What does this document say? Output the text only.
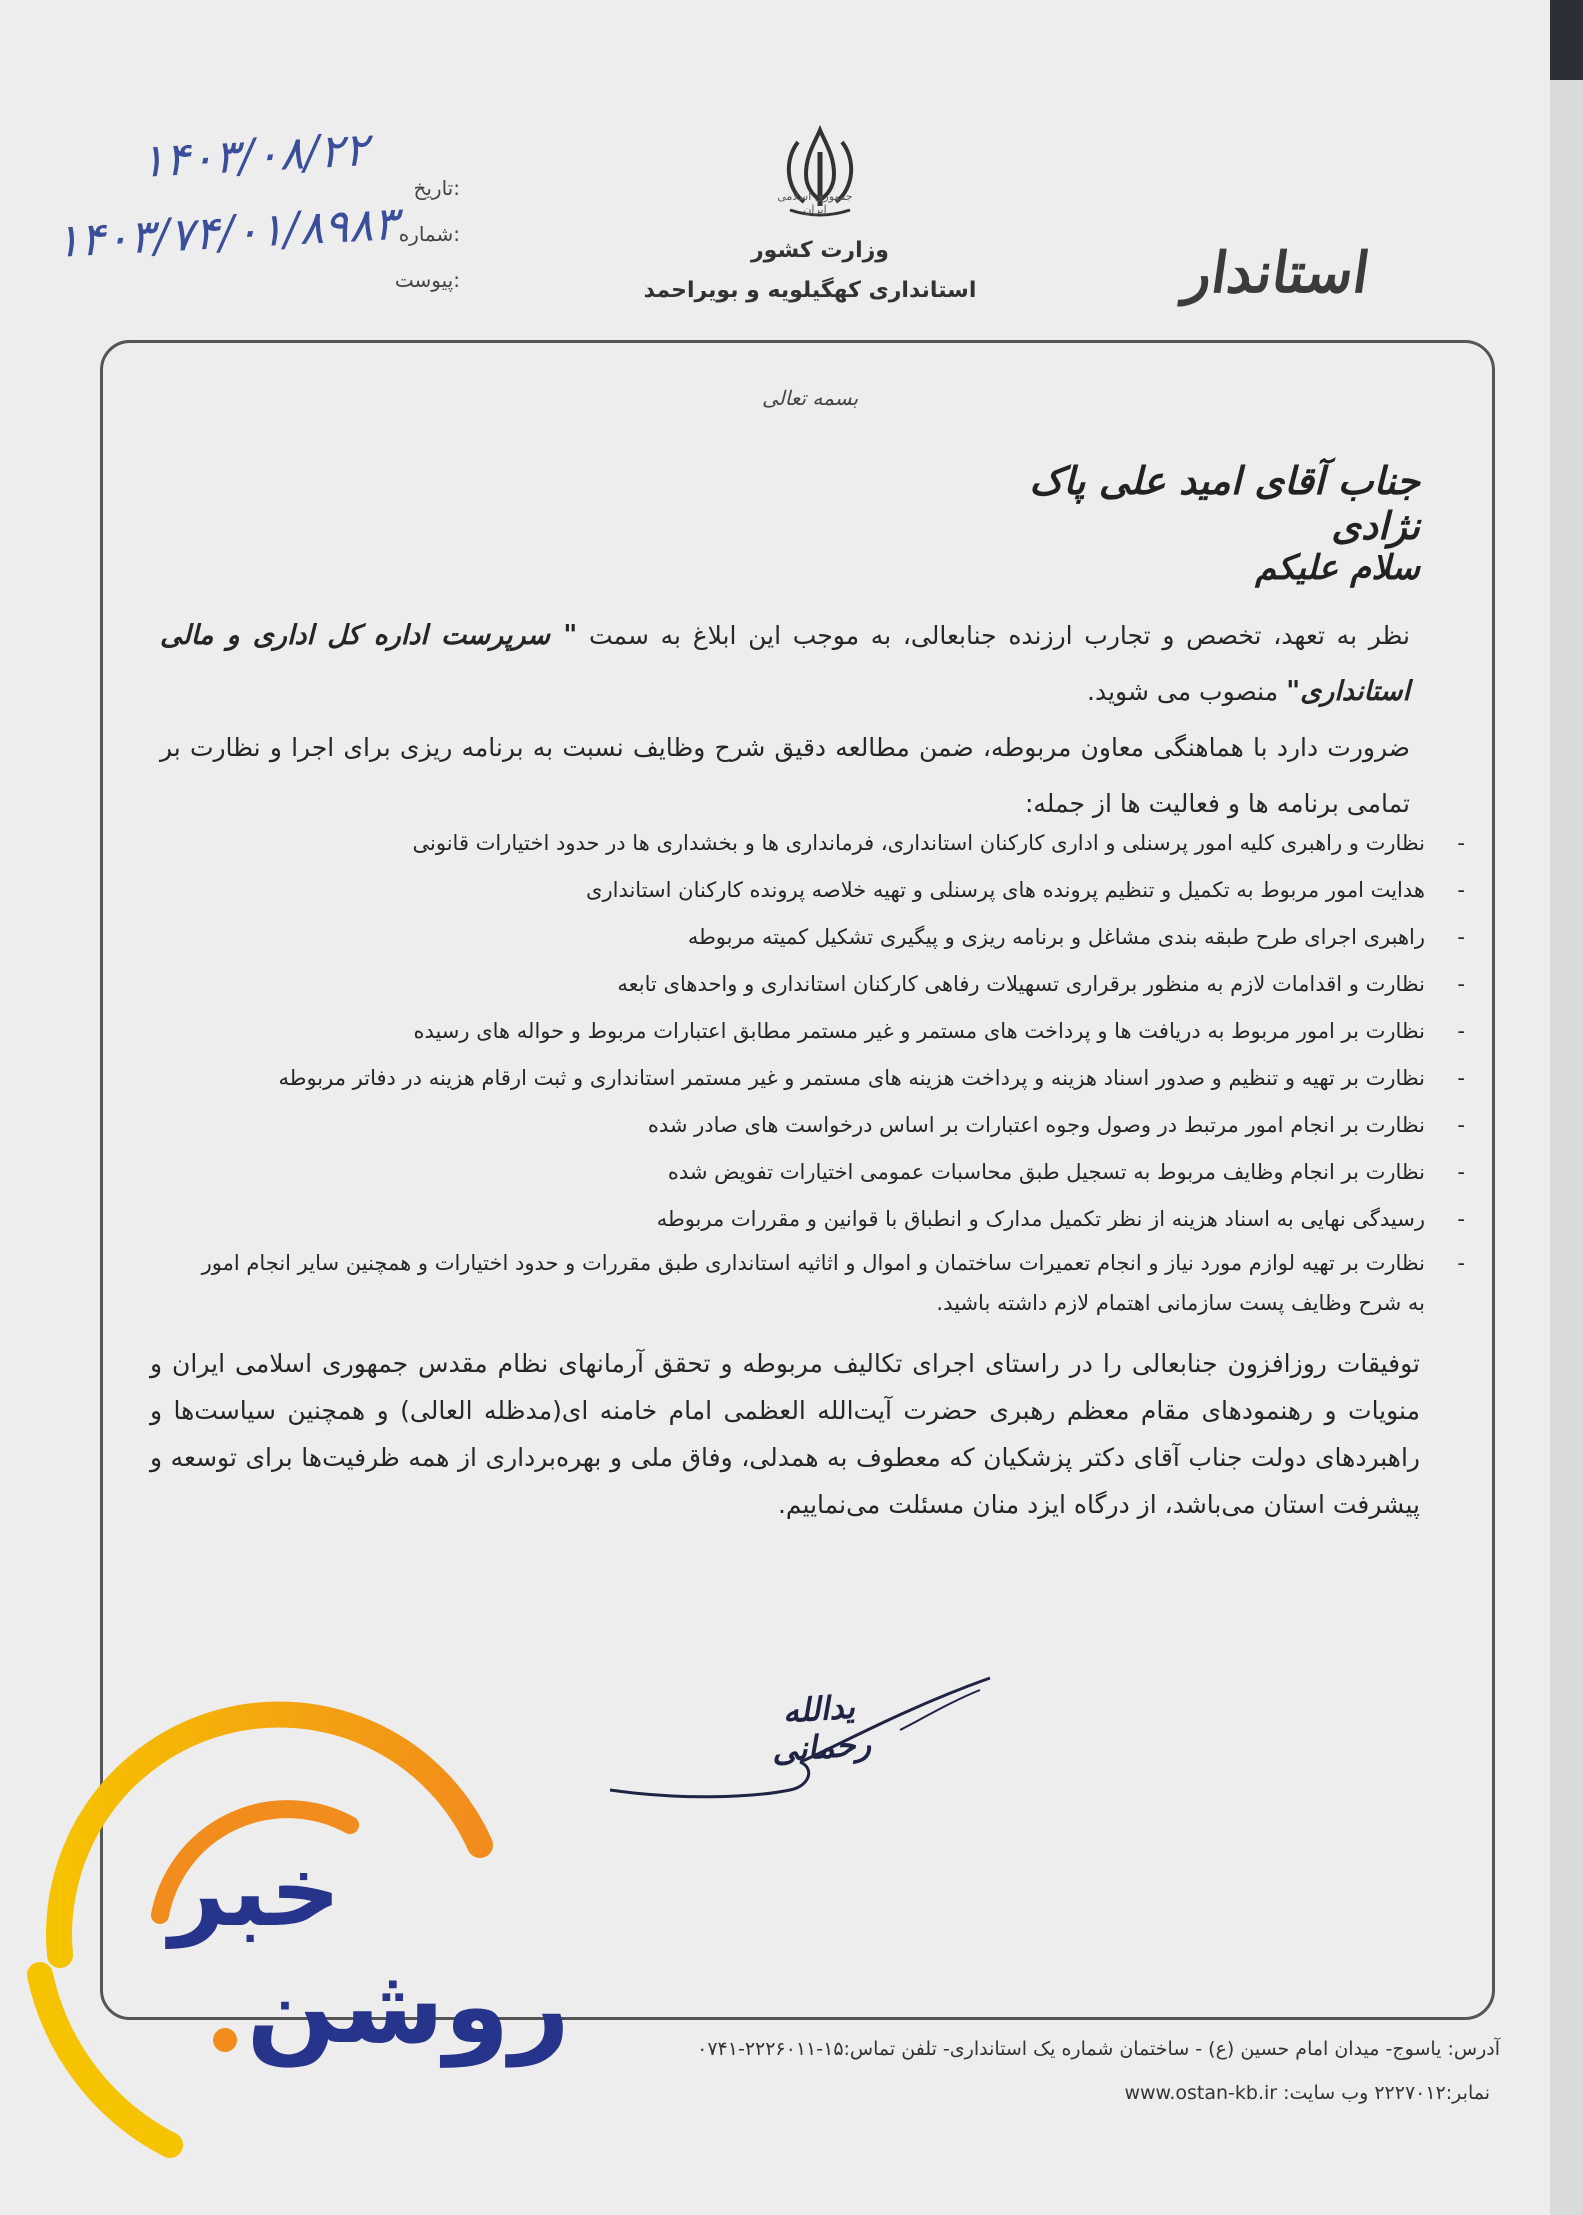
تاریخ:
شماره:
پیوست:
۱۴۰۳/۰۸/۲۲
۱۴۰۳/۷۴/۰۱/۸۹۸۳	جمهوری اسلامی ایران
وزارت کشور
استانداری کهگیلویه و بویراحمد	استاندار
بسمه تعالی
جناب آقای امید علی پاک نژادی
سلام علیکم
نظر به تعهد، تخصص و تجارب ارزنده جنابعالی، به موجب این ابلاغ به سمت " سرپرست اداره کل اداری و مالی استانداری" منصوب می شوید.
ضرورت دارد با هماهنگی معاون مربوطه، ضمن مطالعه دقیق شرح وظایف نسبت به برنامه ریزی برای اجرا و نظارت بر تمامی برنامه ها و فعالیت ها از جمله:
- نظارت و راهبری کلیه امور پرسنلی و اداری کارکنان استانداری، فرمانداری ها و بخشداری ها در حدود اختیارات قانونی
- هدایت امور مربوط به تکمیل و تنظیم پرونده های پرسنلی و تهیه خلاصه پرونده کارکنان استانداری
- راهبری اجرای طرح طبقه بندی مشاغل و برنامه ریزی و پیگیری تشکیل کمیته مربوطه
- نظارت و اقدامات لازم به منظور برقراری تسهیلات رفاهی کارکنان استانداری و واحدهای تابعه
- نظارت بر امور مربوط به دریافت ها و پرداخت های مستمر و غیر مستمر مطابق اعتبارات مربوط و حواله های رسیده
- نظارت بر تهیه و تنظیم و صدور اسناد هزینه و پرداخت هزینه های مستمر و غیر مستمر استانداری و ثبت ارقام هزینه در دفاتر مربوطه
- نظارت بر انجام امور مرتبط در وصول وجوه اعتبارات بر اساس درخواست های صادر شده
- نظارت بر انجام وظایف مربوط به تسجیل طبق محاسبات عمومی اختیارات تفویض شده
- رسیدگی نهایی به اسناد هزینه از نظر تکمیل مدارک و انطباق با قوانین و مقررات مربوطه
- نظارت بر تهیه لوازم مورد نیاز و انجام تعمیرات ساختمان و اموال و اثاثیه استانداری طبق مقررات و حدود اختیارات و همچنین سایر انجام امور به شرح وظایف پست سازمانی اهتمام لازم داشته باشید.
توفیقات روزافزون جنابعالی را در راستای اجرای تکالیف مربوطه و تحقق آرمانهای نظام مقدس جمهوری اسلامی ایران و منویات و رهنمودهای مقام معظم رهبری حضرت آیت‌الله العظمی امام خامنه ای(مدظله العالی) و همچنین سیاست‌ها و راهبردهای دولت جناب آقای دکتر پزشکیان که معطوف به همدلی، وفاق ملی و بهره‌برداری از همه ظرفیت‌ها برای توسعه و پیشرفت استان می‌باشد، از درگاه ایزد منان مسئلت می‌نماییم.
یدالله رحمانی
آدرس: یاسوج- میدان امام حسین (ع) - ساختمان شماره یک استانداری- تلفن تماس:۱۵-۲۲۲۶۰۱۱-۰۷۴۱
نمابر:۲۲۲۷۰۱۲ وب سایت: www.ostan-kb.ir
خبر
روشن
